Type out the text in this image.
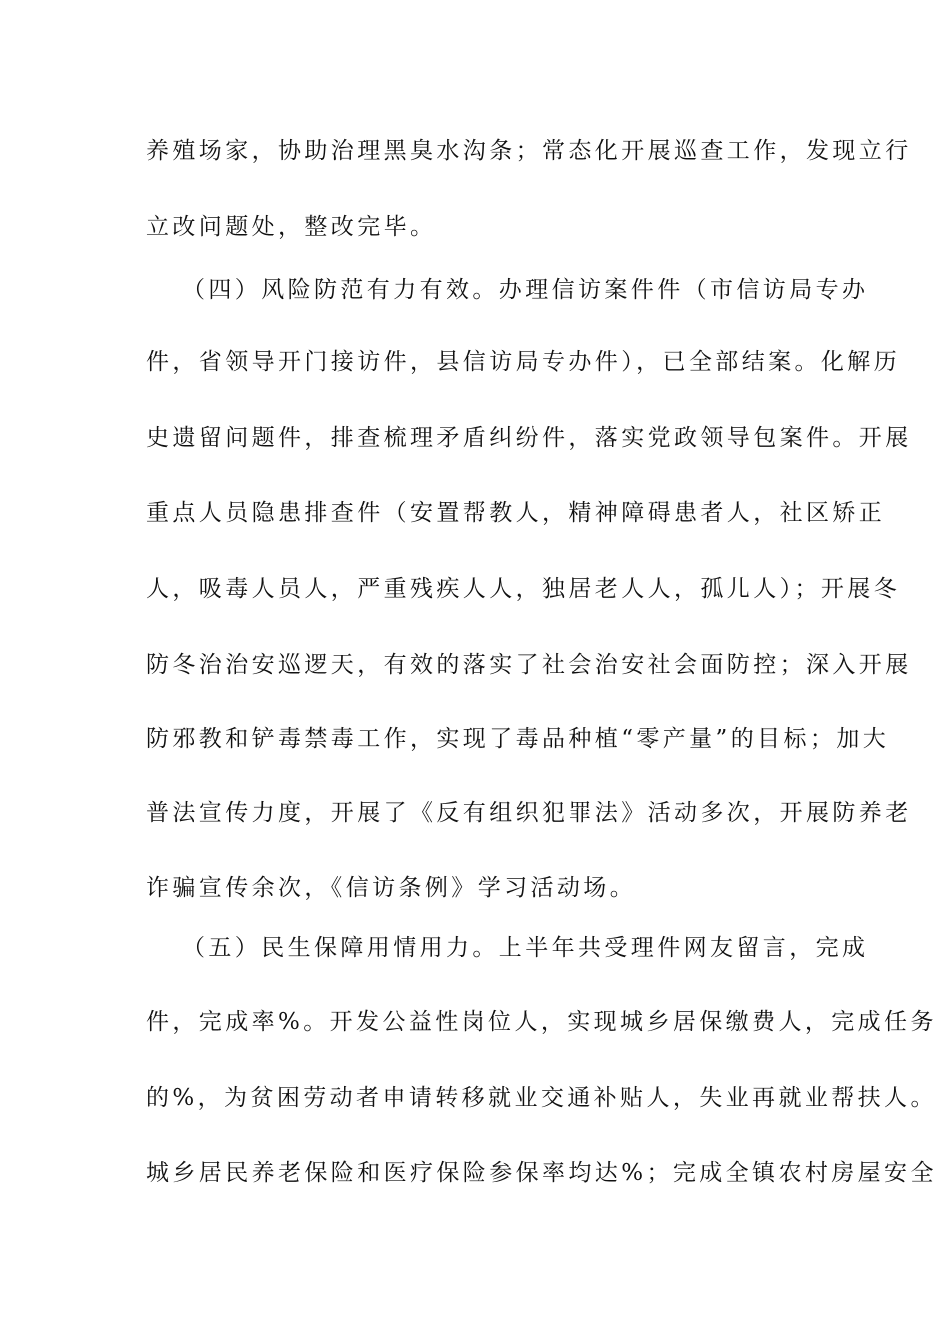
养殖场家，协助治理黑臭水沟条；常态化开展巡查工作，发现立行
立改问题处，整改完毕。
（四）风险防范有力有效。办理信访案件件（市信访局专办
件，省领导开门接访件，县信访局专办件），已全部结案。化解历
史遗留问题件，排查梳理矛盾纠纷件，落实党政领导包案件。开展
重点人员隐患排查件（安置帮教人，精神障碍患者人，社区矫正
人，吸毒人员人，严重残疾人人，独居老人人，孤儿人）；开展冬
防冬治治安巡逻天，有效的落实了社会治安社会面防控；深入开展
防邪教和铲毒禁毒工作，实现了毒品种植“零产量”的目标；加大
普法宣传力度，开展了《反有组织犯罪法》活动多次，开展防养老
诈骗宣传余次，《信访条例》学习活动场。
（五）民生保障用情用力。上半年共受理件网友留言，完成
件，完成率%。开发公益性岗位人，实现城乡居保缴费人，完成任务
的%，为贫困劳动者申请转移就业交通补贴人，失业再就业帮扶人。
城乡居民养老保险和医疗保险参保率均达%；完成全镇农村房屋安全
